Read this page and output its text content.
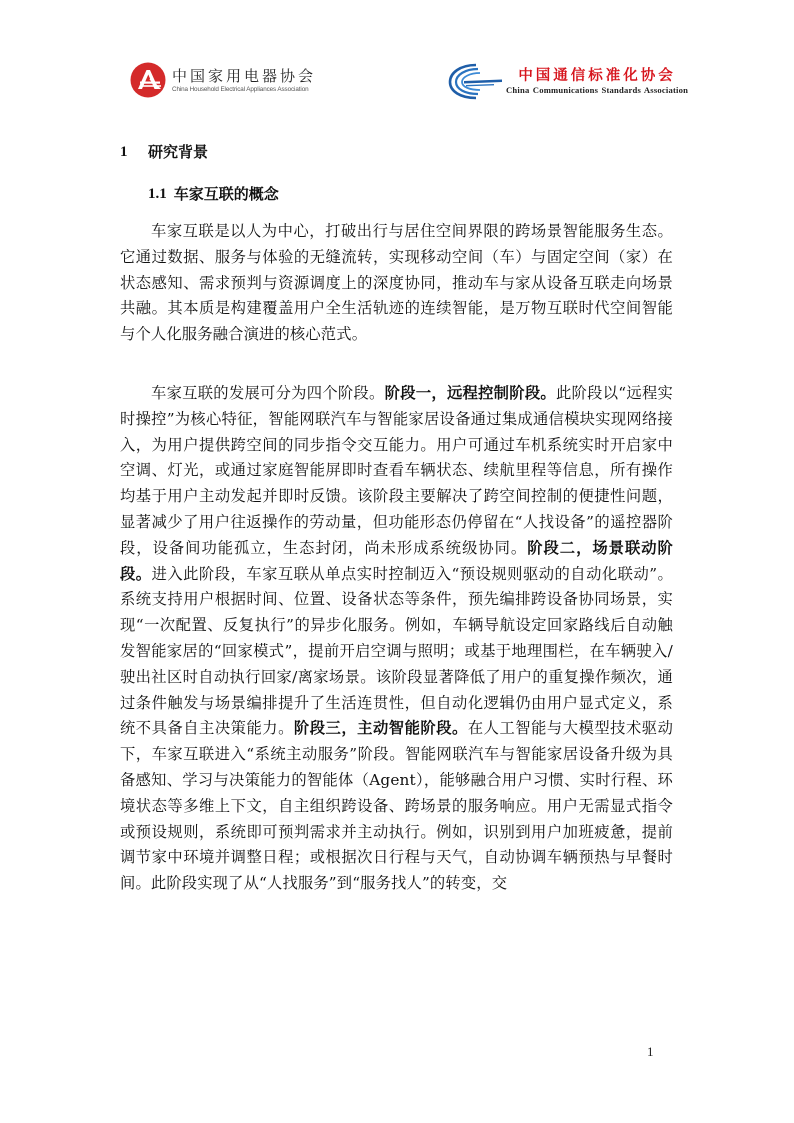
中国家用电器协会
China Household Electrical Appliances Association
中国通信标准化协会
China Communications Standards Association
1	研究背景
1.1 车家互联的概念

车家互联是以人为中心，打破出行与居住空间界限的跨场景智能服务生态。它通过数据、服务与体验的无缝流转，实现移动空间（车）与固定空间（家）在状态感知、需求预判与资源调度上的深度协同，推动车与家从设备互联走向场景共融。其本质是构建覆盖用户全生活轨迹的连续智能，是万物互联时代空间智能与个人化服务融合演进的核心范式。

车家互联的发展可分为四个阶段。阶段一，远程控制阶段。此阶段以“远程实时操控”为核心特征，智能网联汽车与智能家居设备通过集成通信模块实现网络接入，为用户提供跨空间的同步指令交互能力。用户可通过车机系统实时开启家中空调、灯光，或通过家庭智能屏即时查看车辆状态、续航里程等信息，所有操作均基于用户主动发起并即时反馈。该阶段主要解决了跨空间控制的便捷性问题，显著减少了用户往返操作的劳动量，但功能形态仍停留在“人找设备”的遥控器阶段，设备间功能孤立，生态封闭，尚未形成系统级协同。阶段二，场景联动阶段。进入此阶段，车家互联从单点实时控制迈入“预设规则驱动的自动化联动”。系统支持用户根据时间、位置、设备状态等条件，预先编排跨设备协同场景，实现“一次配置、反复执行”的异步化服务。例如，车辆导航设定回家路线后自动触发智能家居的“回家模式”，提前开启空调与照明；或基于地理围栏，在车辆驶入/驶出社区时自动执行回家/离家场景。该阶段显著降低了用户的重复操作频次，通过条件触发与场景编排提升了生活连贯性，但自动化逻辑仍由用户显式定义，系统不具备自主决策能力。阶段三，主动智能阶段。在人工智能与大模型技术驱动下，车家互联进入“系统主动服务”阶段。智能网联汽车与智能家居设备升级为具备感知、学习与决策能力的智能体（Agent），能够融合用户习惯、实时行程、环境状态等多维上下文，自主组织跨设备、跨场景的服务响应。用户无需显式指令或预设规则，系统即可预判需求并主动执行。例如，识别到用户加班疲惫，提前调节家中环境并调整日程；或根据次日行程与天气，自动协调车辆预热与早餐时间。此阶段实现了从“人找服务”到“服务找人”的转变，交

1
